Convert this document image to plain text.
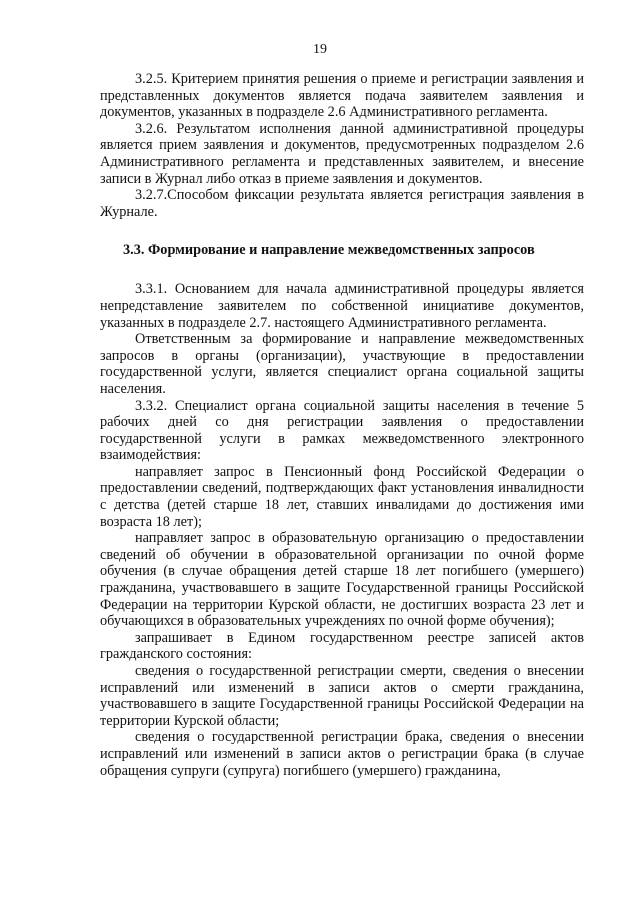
19

3.2.5. Критерием принятия решения о приеме и регистрации заявления и представленных документов является подача заявителем заявления и документов, указанных в подразделе 2.6 Административного регламента.

3.2.6. Результатом исполнения данной административной процедуры является прием заявления и документов, предусмотренных подразделом 2.6 Административного регламента и представленных заявителем, и внесение записи в Журнал либо отказ в приеме заявления и документов.

3.2.7.Способом фиксации результата является регистрация заявления в Журнале.

3.3. Формирование и направление межведомственных запросов

3.3.1. Основанием для начала административной процедуры является непредставление заявителем по собственной инициативе документов, указанных в подразделе 2.7. настоящего Административного регламента.

Ответственным за формирование и направление межведомственных запросов в органы (организации), участвующие в предоставлении государственной услуги, является специалист органа социальной защиты населения.

3.3.2. Специалист органа социальной защиты населения в течение 5 рабочих дней со дня регистрации заявления о предоставлении государственной услуги в рамках межведомственного электронного взаимодействия:

направляет запрос в Пенсионный фонд Российской Федерации о предоставлении сведений, подтверждающих факт установления инвалидности с детства (детей старше 18 лет, ставших инвалидами до достижения ими возраста 18 лет);

направляет запрос в образовательную организацию о предоставлении сведений об обучении в образовательной организации по очной форме обучения (в случае обращения детей старше 18 лет погибшего (умершего) гражданина, участвовавшего в защите Государственной границы Российской Федерации на территории Курской области, не достигших возраста 23 лет и обучающихся в образовательных учреждениях по очной форме обучения);

запрашивает в Едином государственном реестре записей актов гражданского состояния:

сведения о государственной регистрации смерти, сведения о внесении исправлений или изменений в записи актов о смерти гражданина, участвовавшего в защите Государственной границы Российской Федерации на территории Курской области;

сведения о государственной регистрации брака, сведения о внесении исправлений или изменений в записи актов о регистрации брака (в случае обращения супруги (супруга) погибшего (умершего) гражданина,
